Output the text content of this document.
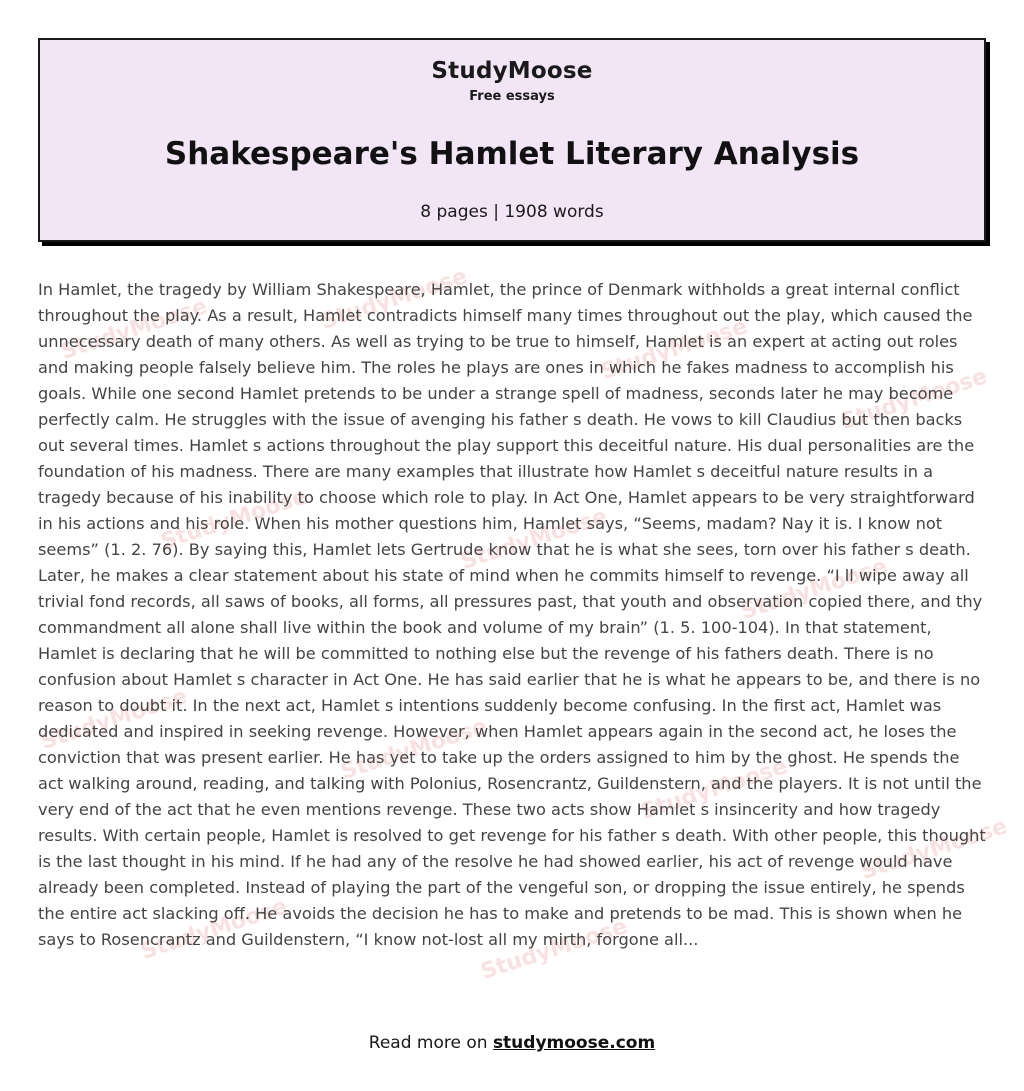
StudyMoose
Free essays
Shakespeare's Hamlet Literary Analysis
8 pages | 1908 words
StudyMoose	StudyMoose
StudyMoose
StudyMoose
StudyMoose	StudyMoose
StudyMoose
StudyMoose	StudyMoose
StudyMoose
StudyMoose
StudyMoose	StudyMoose

In Hamlet, the tragedy by William Shakespeare, Hamlet, the prince of Denmark withholds a great internal conflict throughout the play. As a result, Hamlet contradicts himself many times throughout out the play, which caused the unnecessary death of many others. As well as trying to be true to himself, Hamlet is an expert at acting out roles and making people falsely believe him. The roles he plays are ones in which he fakes madness to accomplish his goals. While one second Hamlet pretends to be under a strange spell of madness, seconds later he may become perfectly calm. He struggles with the issue of avenging his father s death. He vows to kill Claudius but then backs out several times. Hamlet s actions throughout the play support this deceitful nature. His dual personalities are the foundation of his madness. There are many examples that illustrate how Hamlet s deceitful nature results in a tragedy because of his inability to choose which role to play. In Act One, Hamlet appears to be very straightforward in his actions and his role. When his mother questions him, Hamlet says, “Seems, madam? Nay it is. I know not seems” (1. 2. 76). By saying this, Hamlet lets Gertrude know that he is what she sees, torn over his father s death. Later, he makes a clear statement about his state of mind when he commits himself to revenge. “I ll wipe away all trivial fond records, all saws of books, all forms, all pressures past, that youth and observation copied there, and thy commandment all alone shall live within the book and volume of my brain” (1. 5. 100-104). In that statement, Hamlet is declaring that he will be committed to nothing else but the revenge of his fathers death. There is no confusion about Hamlet s character in Act One. He has said earlier that he is what he appears to be, and there is no reason to doubt it. In the next act, Hamlet s intentions suddenly become confusing. In the first act, Hamlet was dedicated and inspired in seeking revenge. However, when Hamlet appears again in the second act, he loses the conviction that was present earlier. He has yet to take up the orders assigned to him by the ghost. He spends the act walking around, reading, and talking with Polonius, Rosencrantz, Guildenstern, and the players. It is not until the very end of the act that he even mentions revenge. These two acts show Hamlet s insincerity and how tragedy results. With certain people, Hamlet is resolved to get revenge for his father s death. With other people, this thought is the last thought in his mind. If he had any of the resolve he had showed earlier, his act of revenge would have already been completed. Instead of playing the part of the vengeful son, or dropping the issue entirely, he spends the entire act slacking off. He avoids the decision he has to make and pretends to be mad. This is shown when he says to Rosencrantz and Guildenstern, “I know not-lost all my mirth, forgone all...

Read more on studymoose.com
